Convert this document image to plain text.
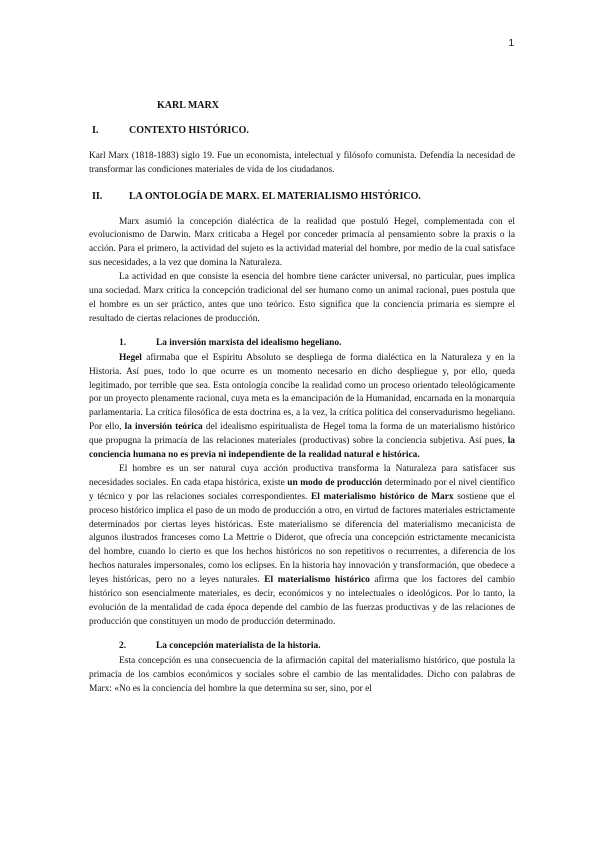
1
KARL MARX
I.	CONTEXTO HISTÓRICO.

Karl Marx (1818-1883) siglo 19. Fue un economista, intelectual y filósofo comunista. Defendía la necesidad de transformar las condiciones materiales de vida de los ciudadanos.

II.	LA ONTOLOGÍA DE MARX. EL MATERIALISMO HISTÓRICO.

Marx asumió la concepción dialéctica de la realidad que postuló Hegel, complementada con el evolucionismo de Darwin. Marx criticaba a Hegel por conceder primacía al pensamiento sobre la praxis o la acción. Para el primero, la actividad del sujeto es la actividad material del hombre, por medio de la cual satisface sus necesidades, a la vez que domina la Naturaleza.

La actividad en que consiste la esencia del hombre tiene carácter universal, no particular, pues implica una sociedad. Marx critica la concepción tradicional del ser humano como un animal racional, pues postula que el hombre es un ser práctico, antes que uno teórico. Esto significa que la conciencia primaria es siempre el resultado de ciertas relaciones de producción.

1.	La inversión marxista del idealismo hegeliano.

Hegel afirmaba que el Espíritu Absoluto se despliega de forma dialéctica en la Naturaleza y en la Historia. Así pues, todo lo que ocurre es un momento necesario en dicho despliegue y, por ello, queda legitimado, por terrible que sea. Esta ontología concibe la realidad como un proceso orientado teleológicamente por un proyecto plenamente racional, cuya meta es la emancipación de la Humanidad, encarnada en la monarquía parlamentaria. La crítica filosófica de esta doctrina es, a la vez, la crítica política del conservadurismo hegeliano. Por ello, la inversión teórica del idealismo espiritualista de Hegel toma la forma de un materialismo histórico que propugna la primacía de las relaciones materiales (productivas) sobre la conciencia subjetiva. Así pues, la conciencia humana no es previa ni independiente de la realidad natural e histórica.

El hombre es un ser natural cuya acción productiva transforma la Naturaleza para satisfacer sus necesidades sociales. En cada etapa histórica, existe un modo de producción determinado por el nivel científico y técnico y por las relaciones sociales correspondientes. El materialismo histórico de Marx sostiene que el proceso histórico implica el paso de un modo de producción a otro, en virtud de factores materiales estrictamente determinados por ciertas leyes históricas. Este materialismo se diferencia del materialismo mecanicista de algunos ilustrados franceses como La Mettrie o Diderot, que ofrecía una concepción estrictamente mecanicista del hombre, cuando lo cierto es que los hechos históricos no son repetitivos o recurrentes, a diferencia de los hechos naturales impersonales, como los eclipses. En la historia hay innovación y transformación, que obedece a leyes históricas, pero no a leyes naturales. El materialismo histórico afirma que los factores del cambio histórico son esencialmente materiales, es decir, económicos y no intelectuales o ideológicos. Por lo tanto, la evolución de la mentalidad de cada época depende del cambio de las fuerzas productivas y de las relaciones de producción que constituyen un modo de producción determinado.

2.	La concepción materialista de la historia.

Esta concepción es una consecuencia de la afirmación capital del materialismo histórico, que postula la primacía de los cambios económicos y sociales sobre el cambio de las mentalidades. Dicho con palabras de Marx: «No es la conciencia del hombre la que determina su ser, sino, por el
